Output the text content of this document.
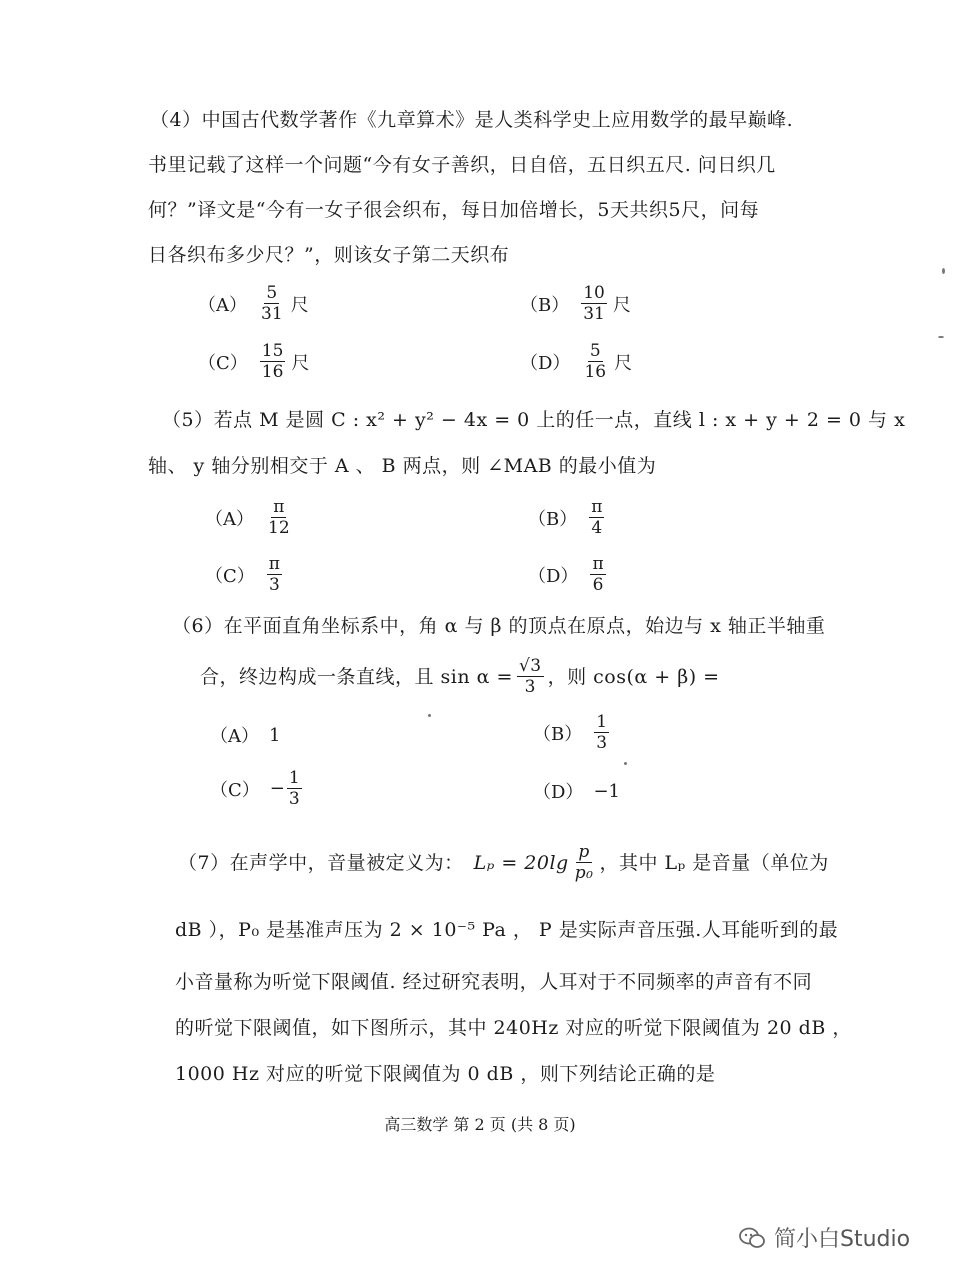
（4）中国古代数学著作《九章算术》是人类科学史上应用数学的最早巅峰.
书里记载了这样一个问题“今有女子善织，日自倍，五日织五尺. 问日织几
何？”译文是“今有一女子很会织布，每日加倍增长，5天共织5尺，问每
日各织布多少尺？”，则该女子第二天织布
$(A) \frac{5}{31}$ 尺	$(B) \frac{10}{31}$ 尺
$(C) \frac{15}{16}$ 尺	$(D) \frac{5}{16}$ 尺
（5）若点 M 是圆 C : x² + y² − 4x = 0 上的任一点，直线 l : x + y + 2 = 0 与 x
轴、 y 轴分别相交于 A 、 B 两点，则 ∠MAB 的最小值为
$(A) \frac{\pi}{12}$	$(B) \frac{\pi}{4}$
$(C) \frac{\pi}{3}$	$(D) \frac{\pi}{6}$
（6）在平面直角坐标系中，角 α 与 β 的顶点在原点，始边与 x 轴正半轴重
合，终边构成一条直线，且 $\sin \alpha = \frac{√3}{3}$ ，则 cos(α + β) =
（A） 1	$(B) \frac{1}{3}$
$(C) - \frac{1}{3}$	（D） −1
（7）在声学中，音量被定义为： $L_p = 20\lg \frac{p}{\text{p₀}}$ ，其中 Lₚ 是音量（单位为
dB ），P₀ 是基准声压为 2 × 10⁻⁵ Pa ， P 是实际声音压强.人耳能听到的最
小音量称为听觉下限阈值. 经过研究表明，人耳对于不同频率的声音有不同
的听觉下限阈值，如下图所示，其中 240Hz 对应的听觉下限阈值为 20 dB ，
1000 Hz 对应的听觉下限阈值为 0 dB ，则下列结论正确的是
高三数学 第 2 页 (共 8 页)
简小白Studio
